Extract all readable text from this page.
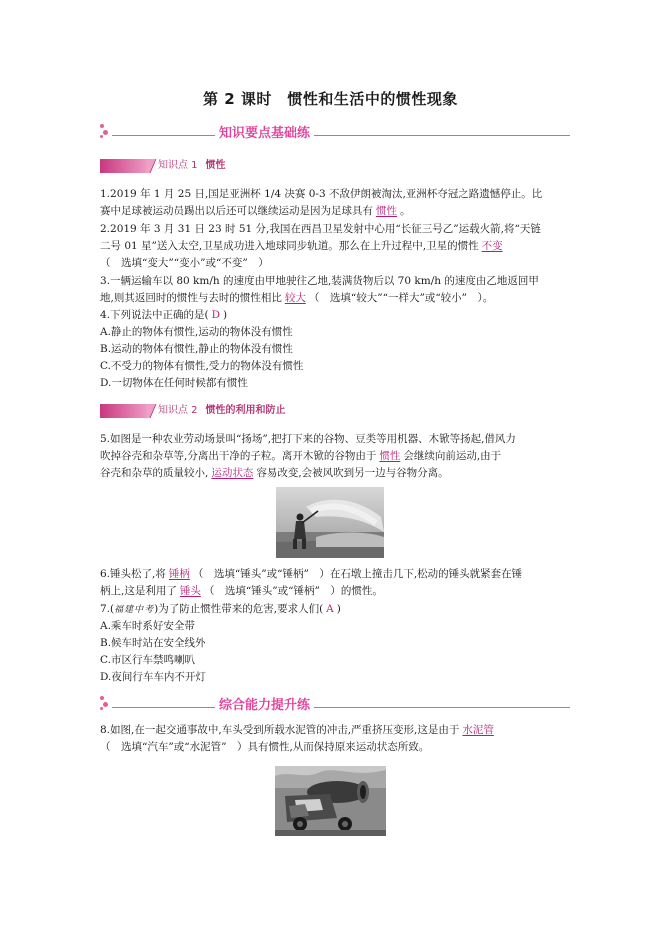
第 2 课时　惯性和生活中的惯性现象
知识要点基础练
知识点 1 惯性
1.2019 年 1 月 25 日,国足亚洲杯 1/4 决赛 0-3 不敌伊朗被淘汰,亚洲杯夺冠之路遗憾停止。比
赛中足球被运动员踢出以后还可以继续运动是因为足球具有 惯性 。
2.2019 年 3 月 31 日 23 时 51 分,我国在西昌卫星发射中心用“长征三号乙”运载火箭,将“天链
二号 01 星”送入太空,卫星成功进入地球同步轨道。那么在上升过程中,卫星的惯性 不变
（　选填“变大”“变小”或“不变”　）
3.一辆运输车以 80 km/h 的速度由甲地驶往乙地,装满货物后以 70 km/h 的速度由乙地返回甲
地,则其返回时的惯性与去时的惯性相比 较大 （　选填“较大”“一样大”或“较小”　）。
4.下列说法中正确的是( D )
A.静止的物体有惯性,运动的物体没有惯性
B.运动的物体有惯性,静止的物体没有惯性
C.不受力的物体有惯性,受力的物体没有惯性
D.一切物体在任何时候都有惯性
知识点 2 惯性的利用和防止
5.如图是一种农业劳动场景叫“扬场”,把打下来的谷物、豆类等用机器、木锨等扬起,借风力
吹掉谷壳和杂草等,分离出干净的子粒。离开木锨的谷物由于 惯性 会继续向前运动,由于
谷壳和杂草的质量较小, 运动状态 容易改变,会被风吹到另一边与谷物分离。
6.锤头松了,将 锤柄 （　选填“锤头”或“锤柄”　）在石墩上撞击几下,松动的锤头就紧套在锤
柄上,这是利用了 锤头 （　选填“锤头”或“锤柄”　）的惯性。
7.(福建中考)为了防止惯性带来的危害,要求人们( A )
A.乘车时系好安全带
B.候车时站在安全线外
C.市区行车禁鸣喇叭
D.夜间行车车内不开灯
综合能力提升练
8.如图,在一起交通事故中,车头受到所载水泥管的冲击,严重挤压变形,这是由于 水泥管
（　选填“汽车”或“水泥管”　）具有惯性,从而保持原来运动状态所致。
